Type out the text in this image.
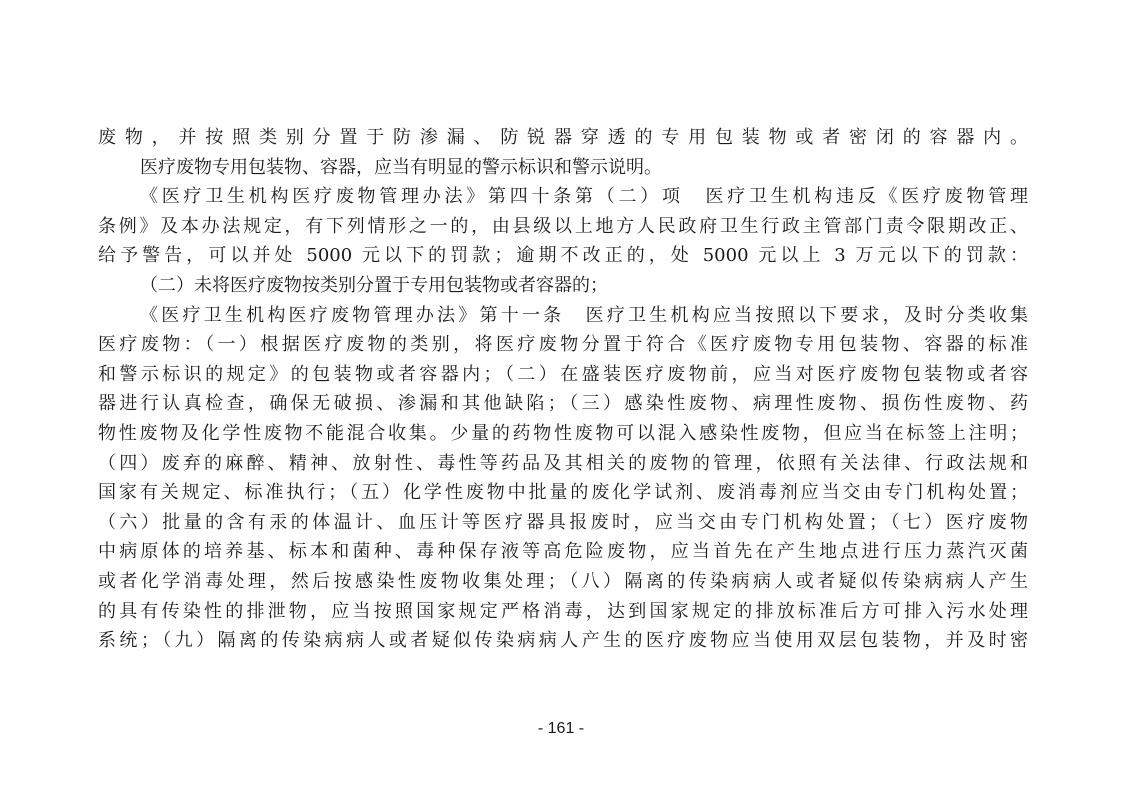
废物，并按照类别分置于防渗漏、防锐器穿透的专用包装物或者密闭的容器内。
医疗废物专用包装物、容器，应当有明显的警示标识和警示说明。
《医疗卫生机构医疗废物管理办法》第四十条第（二）项　医疗卫生机构违反《医疗废物管理
条例》及本办法规定，有下列情形之一的，由县级以上地方人民政府卫生行政主管部门责令限期改正、
给予警告，可以并处 5000 元以下的罚款；逾期不改正的，处 5000 元以上 3 万元以下的罚款：
（二）未将医疗废物按类别分置于专用包装物或者容器的；
《医疗卫生机构医疗废物管理办法》第十一条　医疗卫生机构应当按照以下要求，及时分类收集
医疗废物：（一）根据医疗废物的类别，将医疗废物分置于符合《医疗废物专用包装物、容器的标准
和警示标识的规定》的包装物或者容器内；（二）在盛装医疗废物前，应当对医疗废物包装物或者容
器进行认真检查，确保无破损、渗漏和其他缺陷；（三）感染性废物、病理性废物、损伤性废物、药
物性废物及化学性废物不能混合收集。少量的药物性废物可以混入感染性废物，但应当在标签上注明；
（四）废弃的麻醉、精神、放射性、毒性等药品及其相关的废物的管理，依照有关法律、行政法规和
国家有关规定、标准执行；（五）化学性废物中批量的废化学试剂、废消毒剂应当交由专门机构处置；
（六）批量的含有汞的体温计、血压计等医疗器具报废时，应当交由专门机构处置；（七）医疗废物
中病原体的培养基、标本和菌种、毒种保存液等高危险废物，应当首先在产生地点进行压力蒸汽灭菌
或者化学消毒处理，然后按感染性废物收集处理；（八）隔离的传染病病人或者疑似传染病病人产生
的具有传染性的排泄物，应当按照国家规定严格消毒，达到国家规定的排放标准后方可排入污水处理
系统；（九）隔离的传染病病人或者疑似传染病病人产生的医疗废物应当使用双层包装物，并及时密
- 161 -
